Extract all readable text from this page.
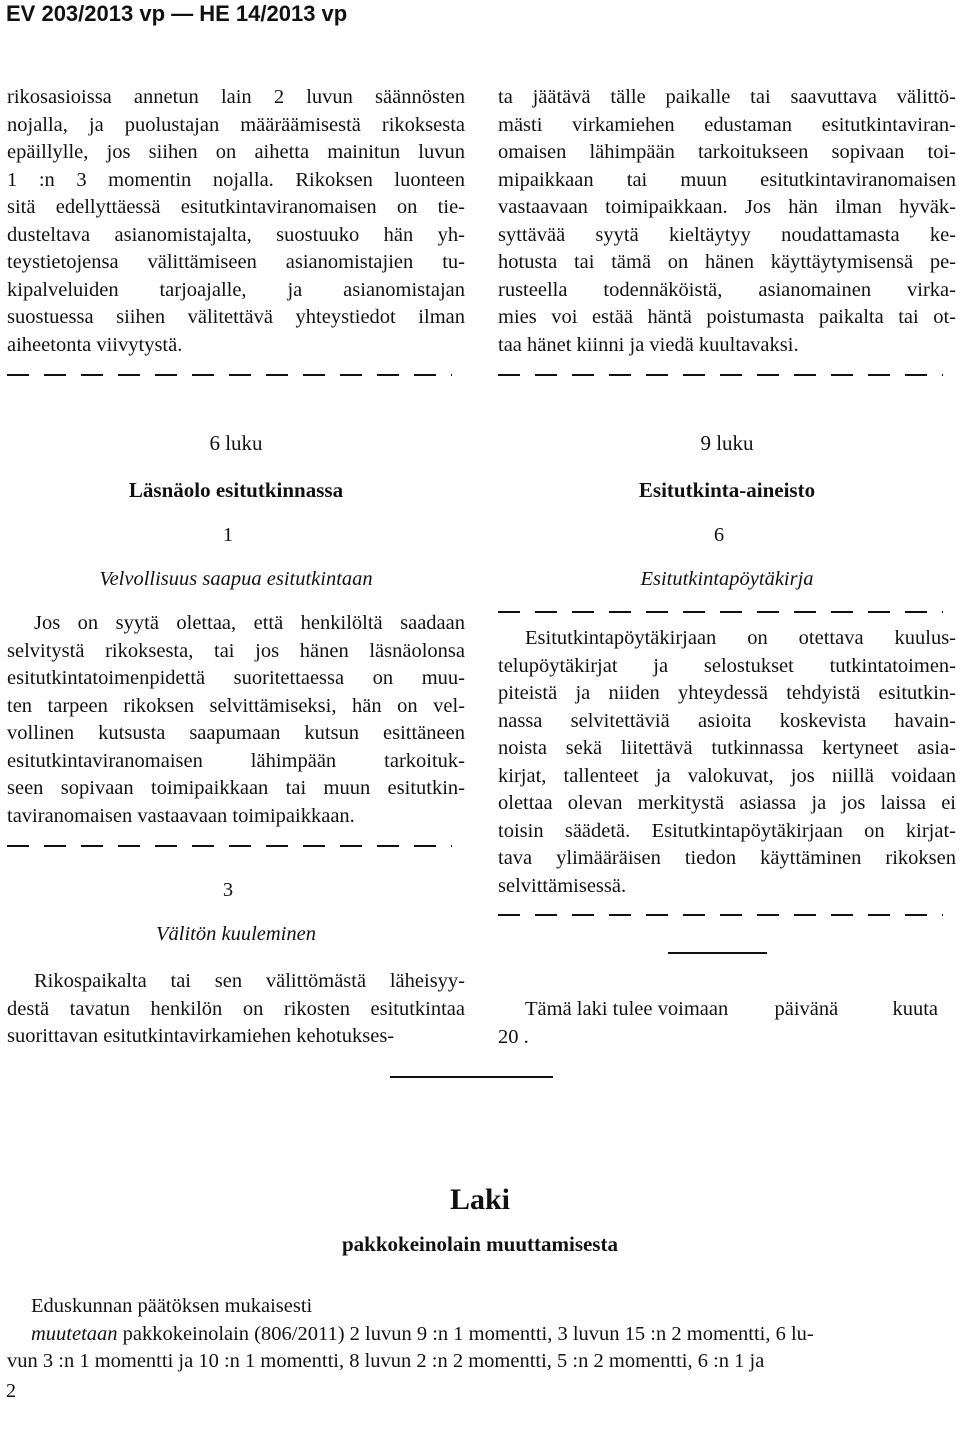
EV 203/2013 vp — HE 14/2013 vp
rikosasioissa annetun lain 2 luvun säännösten
nojalla, ja puolustajan määräämisestä rikoksesta
epäillylle, jos siihen on aihetta mainitun luvun
1 :n 3 momentin nojalla. Rikoksen luonteen
sitä edellyttäessä esitutkintaviranomaisen on tie-
dusteltava asianomistajalta, suostuuko hän yh-
teystietojensa välittämiseen asianomistajien tu-
kipalveluiden tarjoajalle, ja asianomistajan
suostuessa siihen välitettävä yhteystiedot ilman
aiheetonta viivytystä.
ta jäätävä tälle paikalle tai saavuttava välittö-
mästi virkamiehen edustaman esitutkintaviran-
omaisen lähimpään tarkoitukseen sopivaan toi-
mipaikkaan tai muun esitutkintaviranomaisen
vastaavaan toimipaikkaan. Jos hän ilman hyväk-
syttävää syytä kieltäytyy noudattamasta ke-
hotusta tai tämä on hänen käyttäytymisensä pe-
rusteella todennäköistä, asianomainen virka-
mies voi estää häntä poistumasta paikalta tai ot-
taa hänet kiinni ja viedä kuultavaksi.
6 luku
Läsnäolo esitutkinnassa
1
Velvollisuus saapua esitutkintaan
Jos on syytä olettaa, että henkilöltä saadaan
selvitystä rikoksesta, tai jos hänen läsnäolonsa
esitutkintatoimenpidettä suoritettaessa on muu-
ten tarpeen rikoksen selvittämiseksi, hän on vel-
vollinen kutsusta saapumaan kutsun esittäneen
esitutkintaviranomaisen lähimpään tarkoituk-
seen sopivaan toimipaikkaan tai muun esitutkin-
taviranomaisen vastaavaan toimipaikkaan.
3
Välitön kuuleminen
Rikospaikalta tai sen välittömästä läheisyy-
destä tavatun henkilön on rikosten esitutkintaa
suorittavan esitutkintavirkamiehen kehotukses-
9 luku
Esitutkinta-aineisto
6
Esitutkintapöytäkirja
Esitutkintapöytäkirjaan on otettava kuulus-
telupöytäkirjat ja selostukset tutkintatoimen-
piteistä ja niiden yhteydessä tehdyistä esitutkin-
nassa selvitettäviä asioita koskevista havain-
noista sekä liitettävä tutkinnassa kertyneet asia-
kirjat, tallenteet ja valokuvat, jos niillä voidaan
olettaa olevan merkitystä asiassa ja jos laissa ei
toisin säädetä. Esitutkintapöytäkirjaan on kirjat-
tava ylimääräisen tiedon käyttäminen rikoksen
selvittämisessä.
Tämä laki tulee voimaan päivänä	kuuta
20 .
Laki
pakkokeinolain muuttamisesta
Eduskunnan päätöksen mukaisesti
muutetaan pakkokeinolain (806/2011) 2 luvun 9 :n 1 momentti, 3 luvun 15 :n 2 momentti, 6 lu-
vun 3 :n 1 momentti ja 10 :n 1 momentti, 8 luvun 2 :n 2 momentti, 5 :n 2 momentti, 6 :n 1 ja
2
